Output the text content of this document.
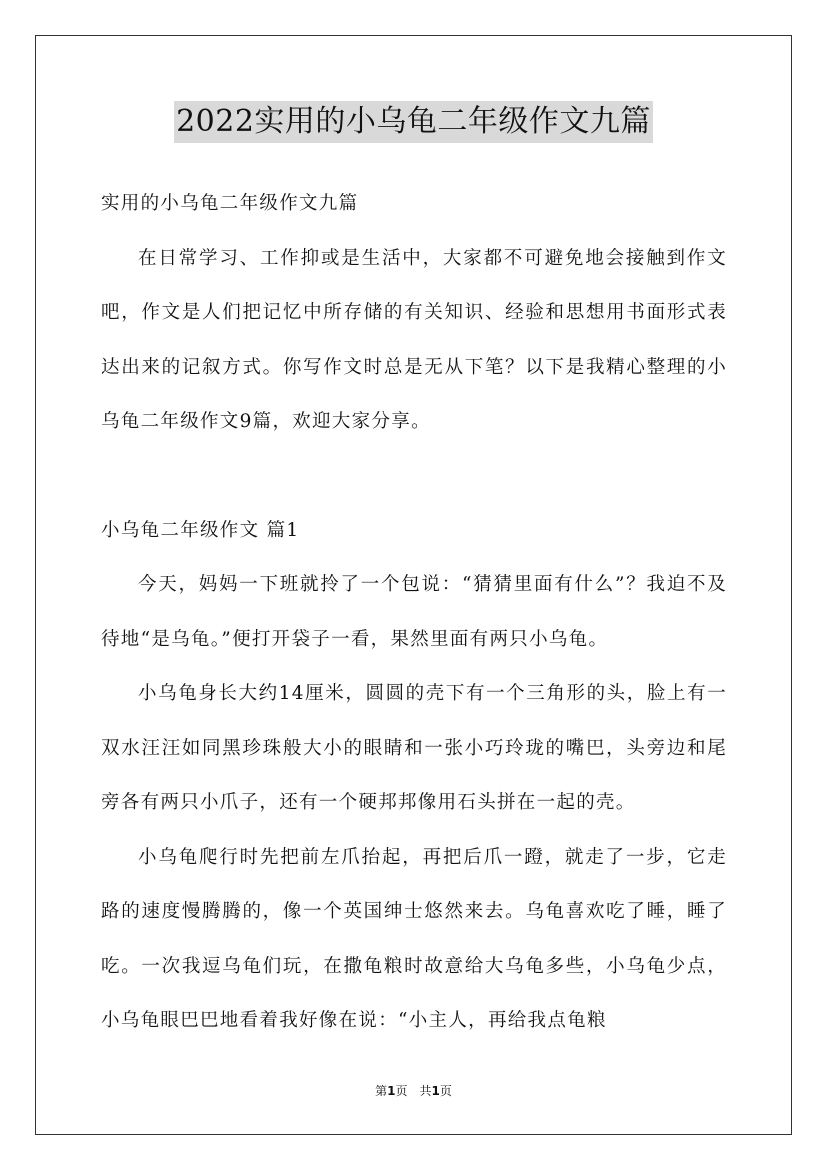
2022实用的小乌龟二年级作文九篇

实用的小乌龟二年级作文九篇

在日常学习、工作抑或是生活中，大家都不可避免地会接触到作文吧，作文是人们把记忆中所存储的有关知识、经验和思想用书面形式表达出来的记叙方式。你写作文时总是无从下笔？以下是我精心整理的小乌龟二年级作文9篇，欢迎大家分享。

小乌龟二年级作文 篇1

今天，妈妈一下班就拎了一个包说：“猜猜里面有什么”？我迫不及待地“是乌龟。”便打开袋子一看，果然里面有两只小乌龟。

小乌龟身长大约14厘米，圆圆的壳下有一个三角形的头，脸上有一双水汪汪如同黑珍珠般大小的眼睛和一张小巧玲珑的嘴巴，头旁边和尾旁各有两只小爪子，还有一个硬邦邦像用石头拼在一起的壳。

小乌龟爬行时先把前左爪抬起，再把后爪一蹬，就走了一步，它走路的速度慢腾腾的，像一个英国绅士悠然来去。乌龟喜欢吃了睡，睡了吃。一次我逗乌龟们玩，在撒龟粮时故意给大乌龟多些，小乌龟少点，小乌龟眼巴巴地看着我好像在说：“小主人，再给我点龟粮

第1页 共1页
